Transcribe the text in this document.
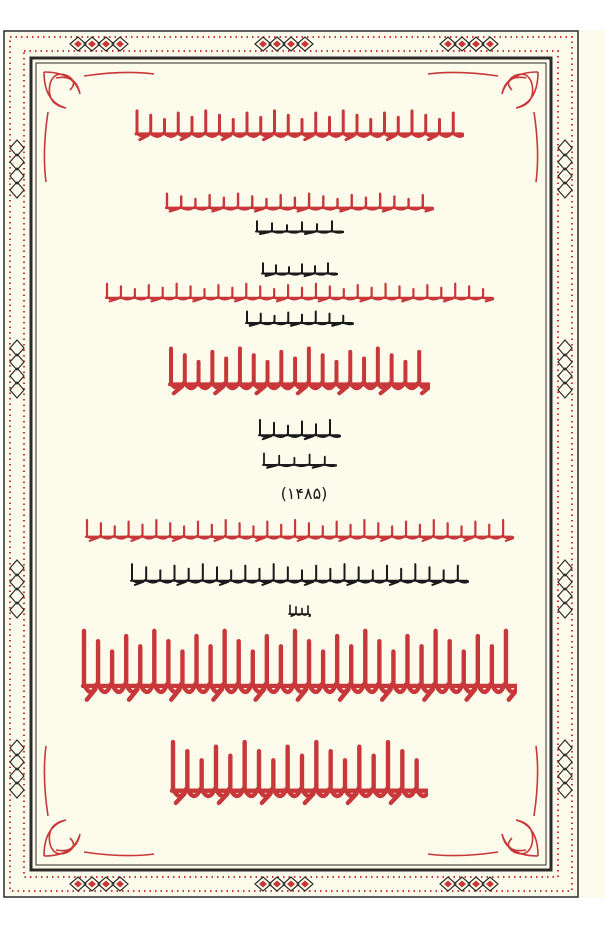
(۱۴۸۵)
